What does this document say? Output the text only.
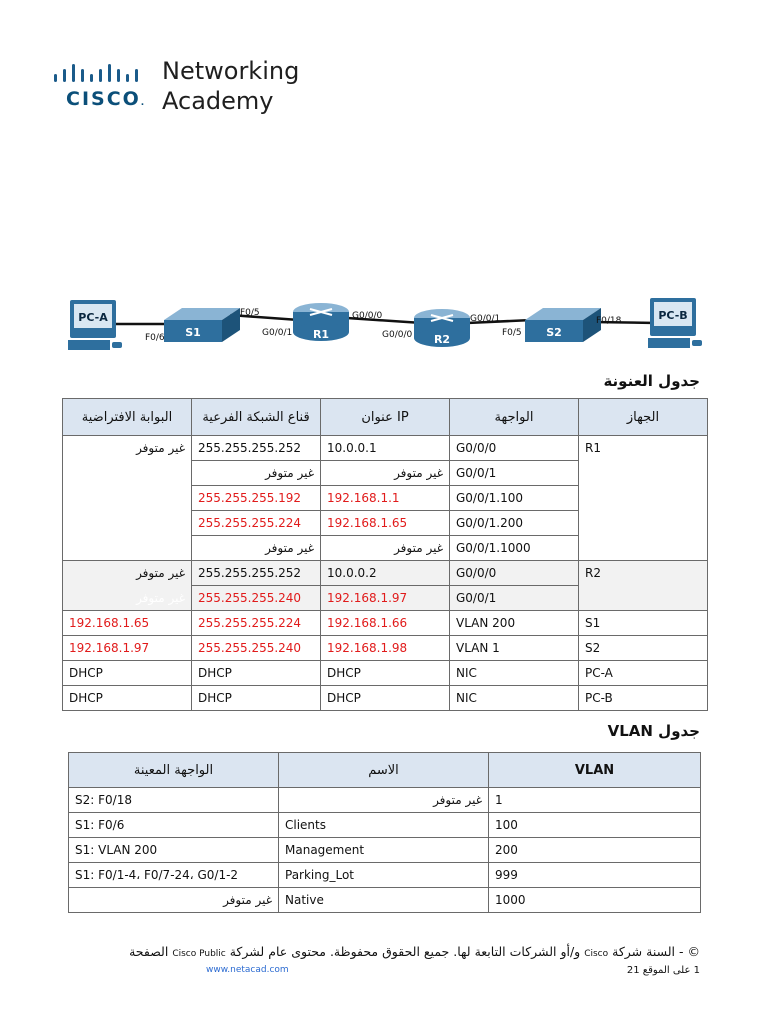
CISCO.
Networking
Academy
PC-A
S1	R1	R2
S2
PC-B
F0/6
F0/5
G0/0/1
G0/0/0
G0/0/0
G0/0/1
F0/5
F0/18
جدول العنونة
البوابة الافتراضية	قناع الشبكة الفرعية	عنوان IP	الواجهة	الجهاز
غير متوفر	255.255.255.252	10.0.0.1	G0/0/0	R1
	غير متوفر	غير متوفر	G0/0/1	
	255.255.255.192	192.168.1.1	G0/0/1.100	
	255.255.255.224	192.168.1.65	G0/0/1.200	
	غير متوفر	غير متوفر	G0/0/1.1000	
غير متوفر	255.255.255.252	10.0.0.2	G0/0/0	R2
غير متوفر	255.255.255.240	192.168.1.97	G0/0/1	
192.168.1.65	255.255.255.224	192.168.1.66	VLAN 200	S1
192.168.1.97	255.255.255.240	192.168.1.98	VLAN 1	S2
DHCP	DHCP	DHCP	NIC	PC-A
DHCP	DHCP	DHCP	NIC	PC-B
جدول VLAN
الواجهة المعينة	الاسم	VLAN
S2: F0/18	غير متوفر	1
S1: F0/6	Clients	100
S1: VLAN 200	Management	200
S1: F0/1-4، F0/7-24، G0/1-2	Parking_Lot	999
غير متوفر	Native	1000
© - السنة شركة Cisco و/أو الشركات التابعة لها. جميع الحقوق محفوظة. محتوى عام لشركة Cisco Public الصفحة
www.netacad.com	1 على الموقع 21
